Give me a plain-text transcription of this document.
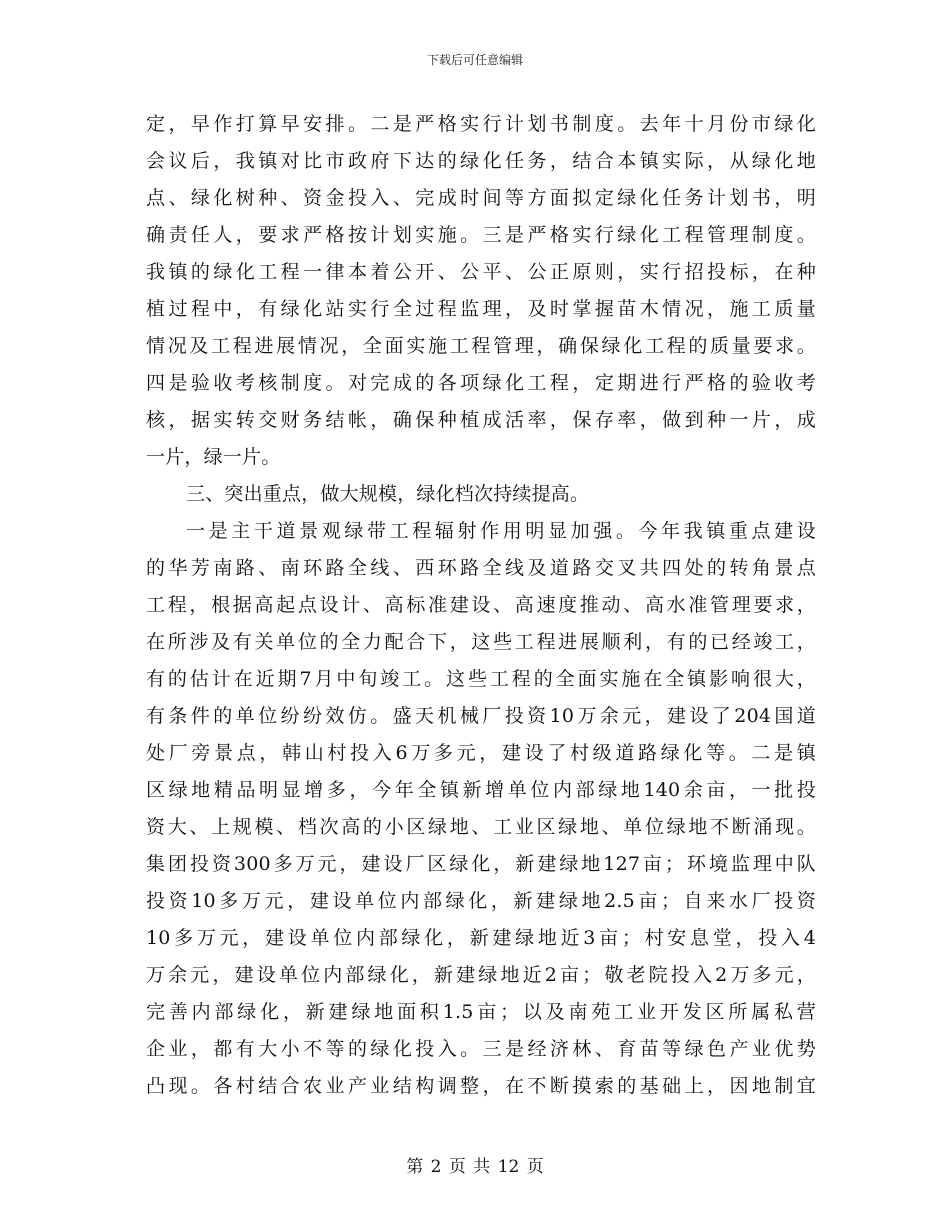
下载后可任意编辑
定，早作打算早安排。二是严格实行计划书制度。去年十月份市绿化
会议后，我镇对比市政府下达的绿化任务，结合本镇实际，从绿化地
点、绿化树种、资金投入、完成时间等方面拟定绿化任务计划书，明
确责任人，要求严格按计划实施。三是严格实行绿化工程管理制度。
我镇的绿化工程一律本着公开、公平、公正原则，实行招投标，在种
植过程中，有绿化站实行全过程监理，及时掌握苗木情况，施工质量
情况及工程进展情况，全面实施工程管理，确保绿化工程的质量要求。
四是验收考核制度。对完成的各项绿化工程，定期进行严格的验收考
核，据实转交财务结帐，确保种植成活率，保存率，做到种一片，成
一片，绿一片。
三、突出重点，做大规模，绿化档次持续提高。
一是主干道景观绿带工程辐射作用明显加强。今年我镇重点建设
的华芳南路、南环路全线、西环路全线及道路交叉共四处的转角景点
工程，根据高起点设计、高标准建设、高速度推动、高水准管理要求，
在所涉及有关单位的全力配合下，这些工程进展顺利，有的已经竣工，
有的估计在近期7月中旬竣工。这些工程的全面实施在全镇影响很大，
有条件的单位纷纷效仿。盛天机械厂投资10万余元，建设了204国道
处厂旁景点，韩山村投入6万多元，建设了村级道路绿化等。二是镇
区绿地精品明显增多，今年全镇新增单位内部绿地140余亩，一批投
资大、上规模、档次高的小区绿地、工业区绿地、单位绿地不断涌现。
集团投资300多万元，建设厂区绿化，新建绿地127亩；环境监理中队
投资10多万元，建设单位内部绿化，新建绿地2.5亩；自来水厂投资
10多万元，建设单位内部绿化，新建绿地近3亩；村安息堂，投入4
万余元，建设单位内部绿化，新建绿地近2亩；敬老院投入2万多元，
完善内部绿化，新建绿地面积1.5亩；以及南苑工业开发区所属私营
企业，都有大小不等的绿化投入。三是经济林、育苗等绿色产业优势
凸现。各村结合农业产业结构调整，在不断摸索的基础上，因地制宜
第 2 页 共 12 页
